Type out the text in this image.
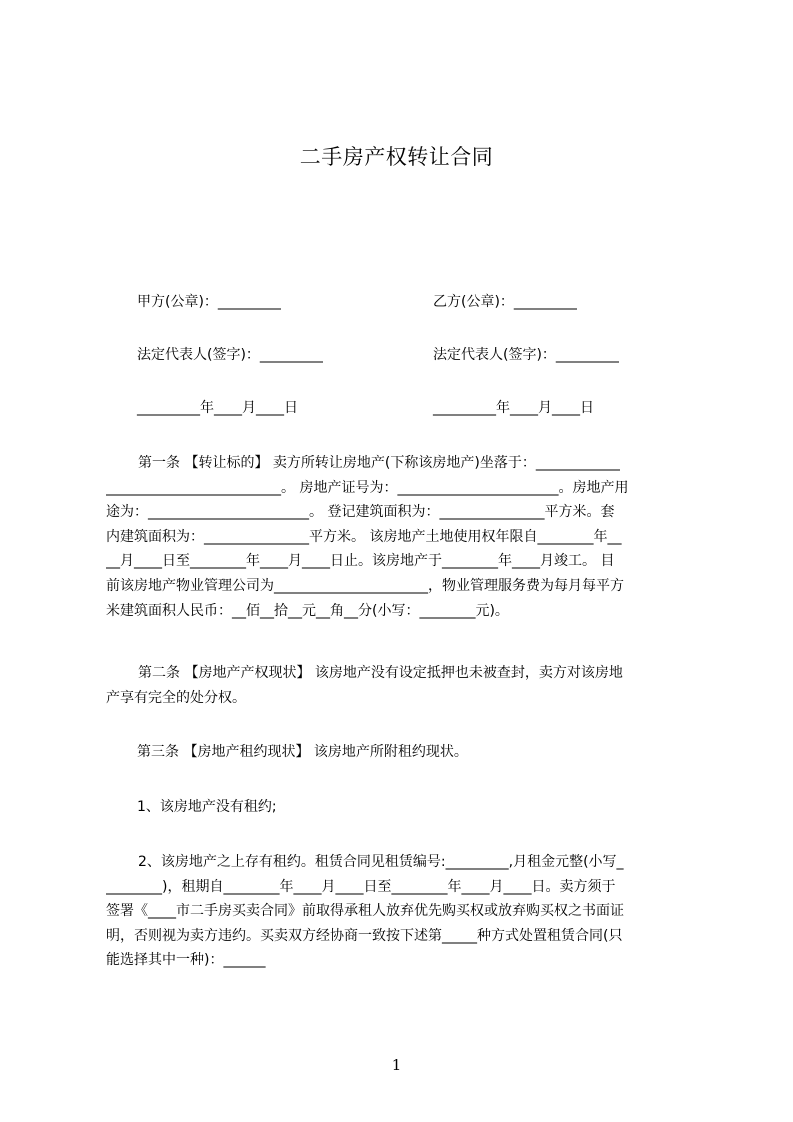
二手房产权转让合同
甲方(公章)：_________	乙方(公章)：_________
法定代表人(签字)：_________	法定代表人(签字)：_________
_________年____月____日	_________年____月____日
第一条 【转让标的】 卖方所转让房地产(下称该房地产)坐落于：____________
_________________________。 房地产证号为：_______________________。房地产用
途为：_______________________。 登记建筑面积为：_______________平方米。套
内建筑面积为：_______________平方米。 该房地产土地使用权年限自________年__
__月____日至________年____月____日止。该房地产于________年____月竣工。 目
前该房地产物业管理公司为______________________，物业管理服务费为每月每平方
米建筑面积人民币：__佰__拾__元__角__分(小写：________元)。
第二条 【房地产产权现状】 该房地产没有设定抵押也未被查封，卖方对该房地
产享有完全的处分权。
第三条 【房地产租约现状】 该房地产所附租约现状。
1、该房地产没有租约;
2、该房地产之上存有租约。租赁合同见租赁编号:_________,月租金元整(小写_
________)，租期自________年____月____日至________年____月____日。卖方须于
签署《____市二手房买卖合同》前取得承租人放弃优先购买权或放弃购买权之书面证
明，否则视为卖方违约。买卖双方经协商一致按下述第_____种方式处置租赁合同(只
能选择其中一种)：______
1
